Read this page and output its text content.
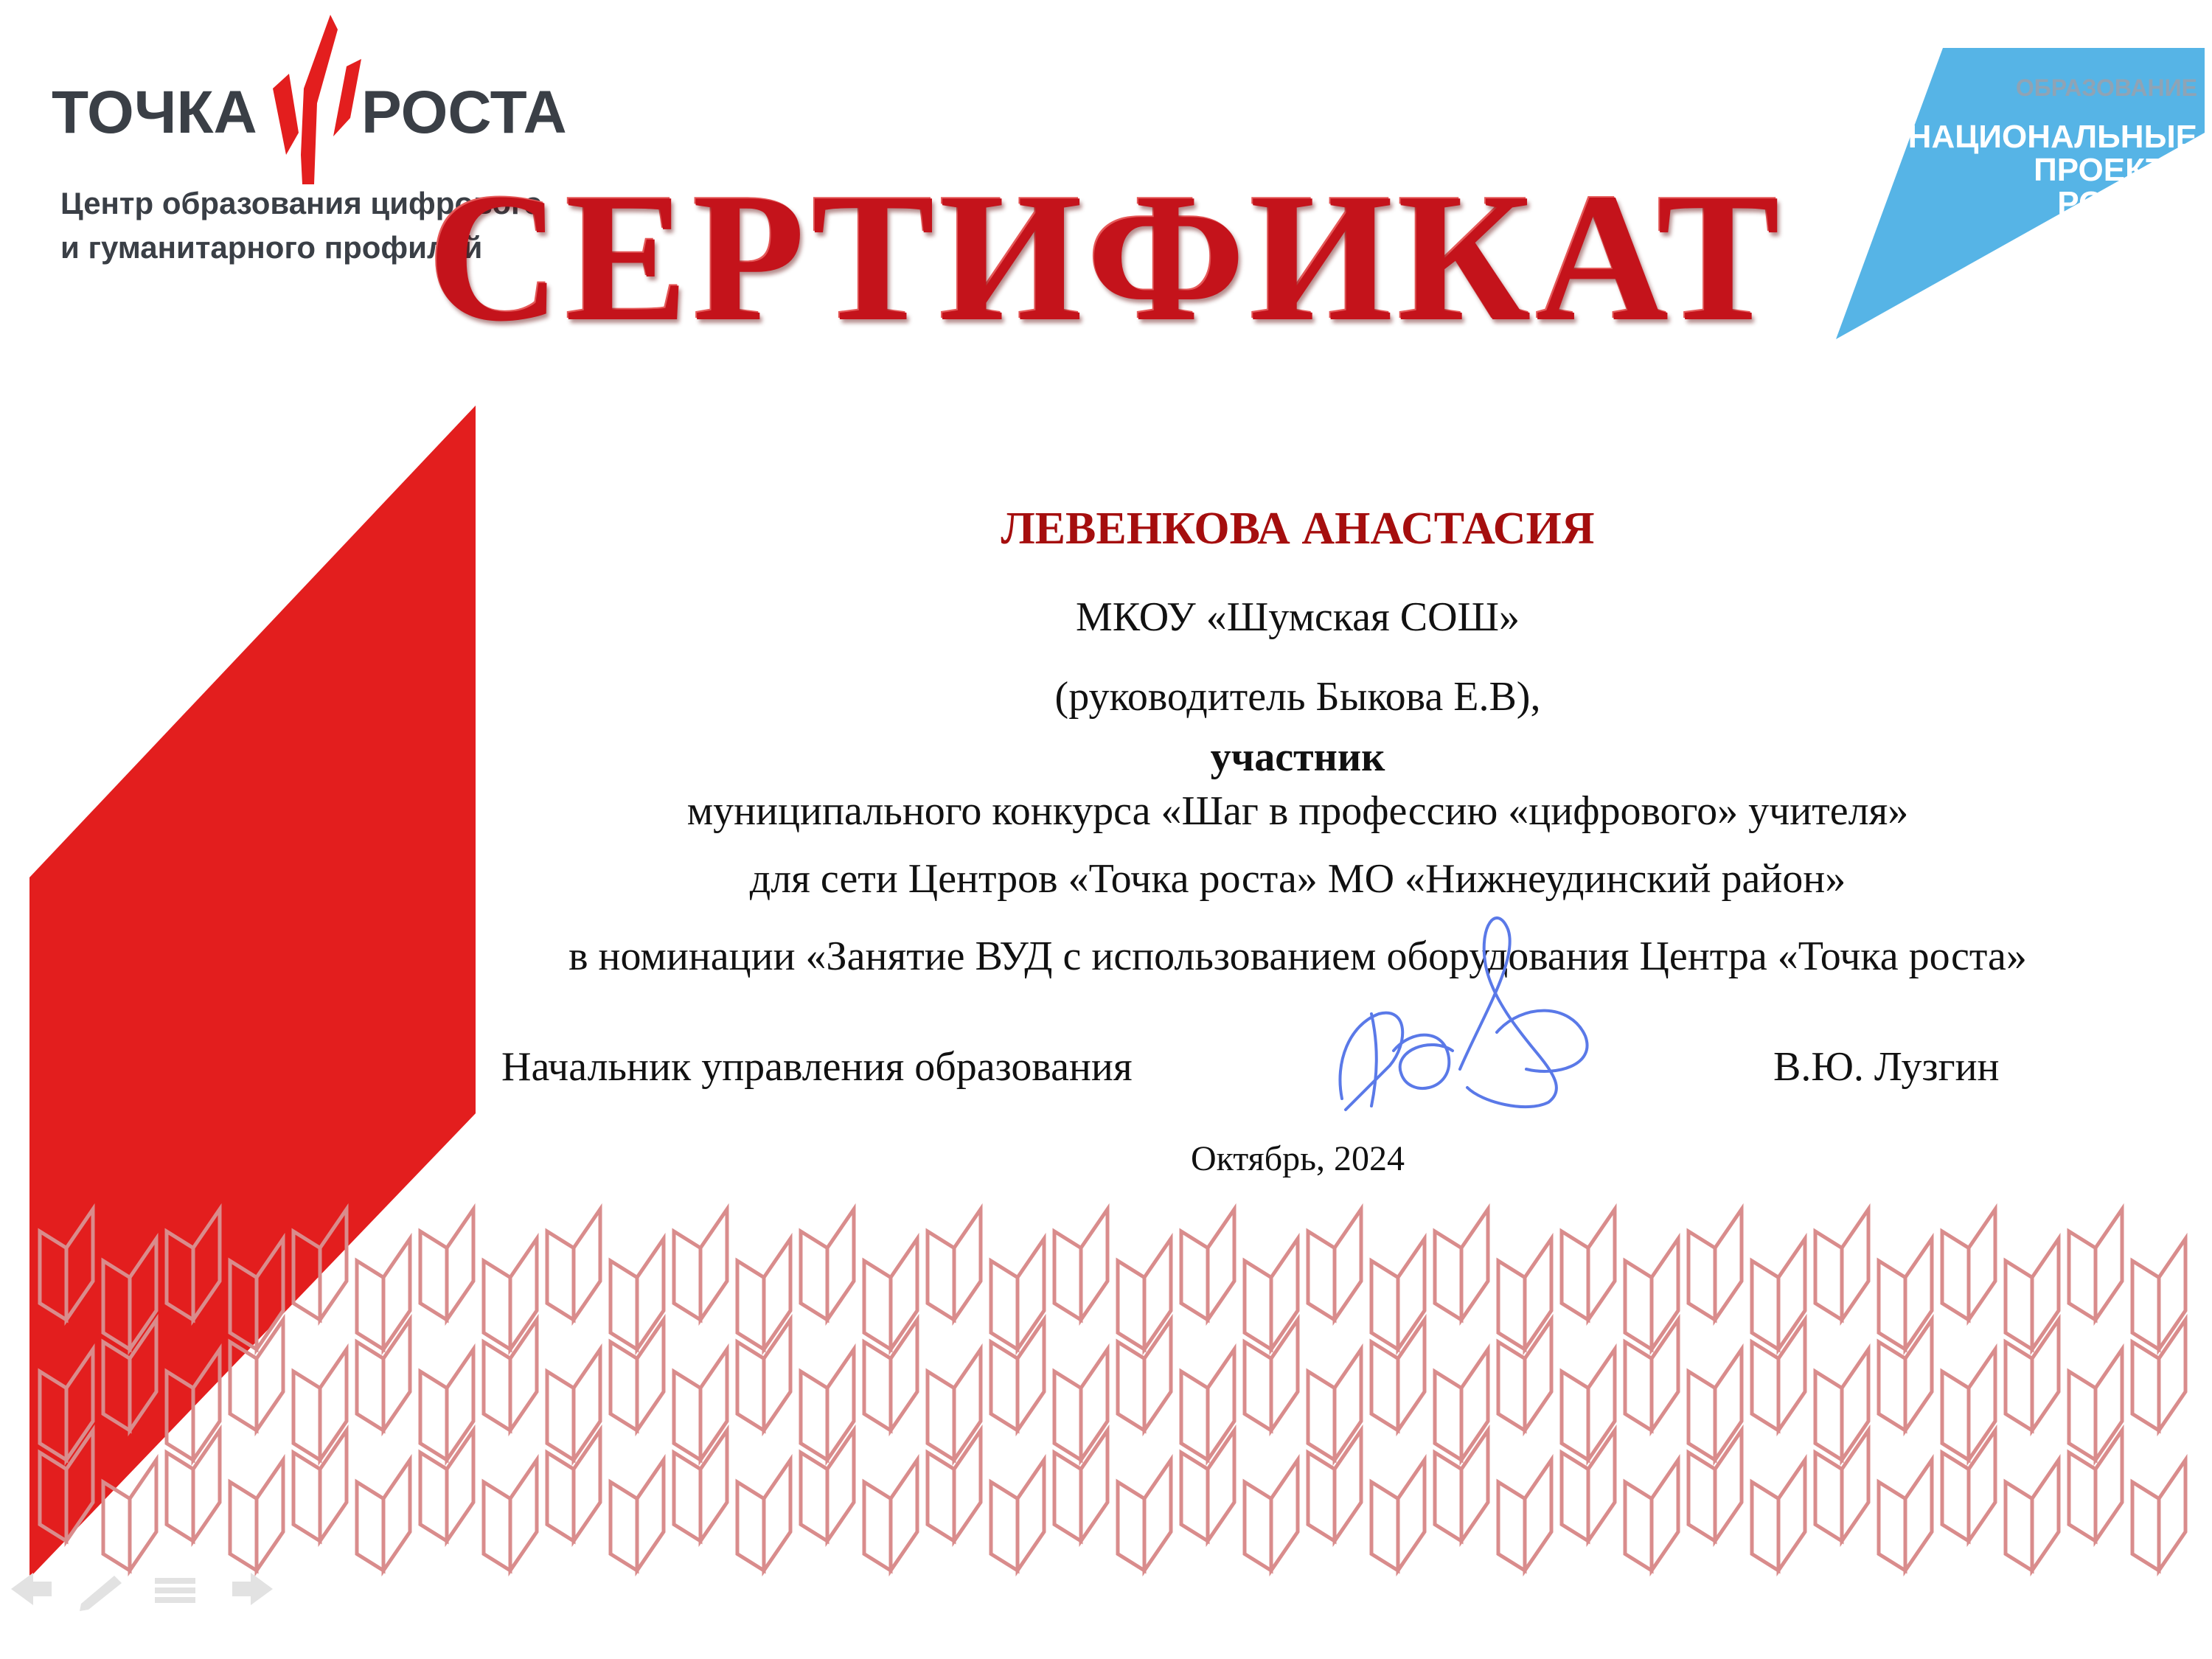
ТОЧКА РОСТА
Центр образования цифрового
и гуманитарного профилей
ОБРАЗОВАНИЕ
НАЦИОНАЛЬНЫЕ
ПРОЕКТЫ
РОССИИ
СЕРТИФИКАТ
ЛЕВЕНКОВА АНАСТАСИЯ
МКОУ «Шумская СОШ»
(руководитель Быкова Е.В),
участник
муниципального конкурса «Шаг в профессию «цифрового» учителя»
для сети Центров «Точка роста» МО «Нижнеудинский район»
в номинации «Занятие ВУД с использованием оборудования Центра «Точка роста»
Начальник управления образования	В.Ю. Лузгин
Октябрь, 2024
